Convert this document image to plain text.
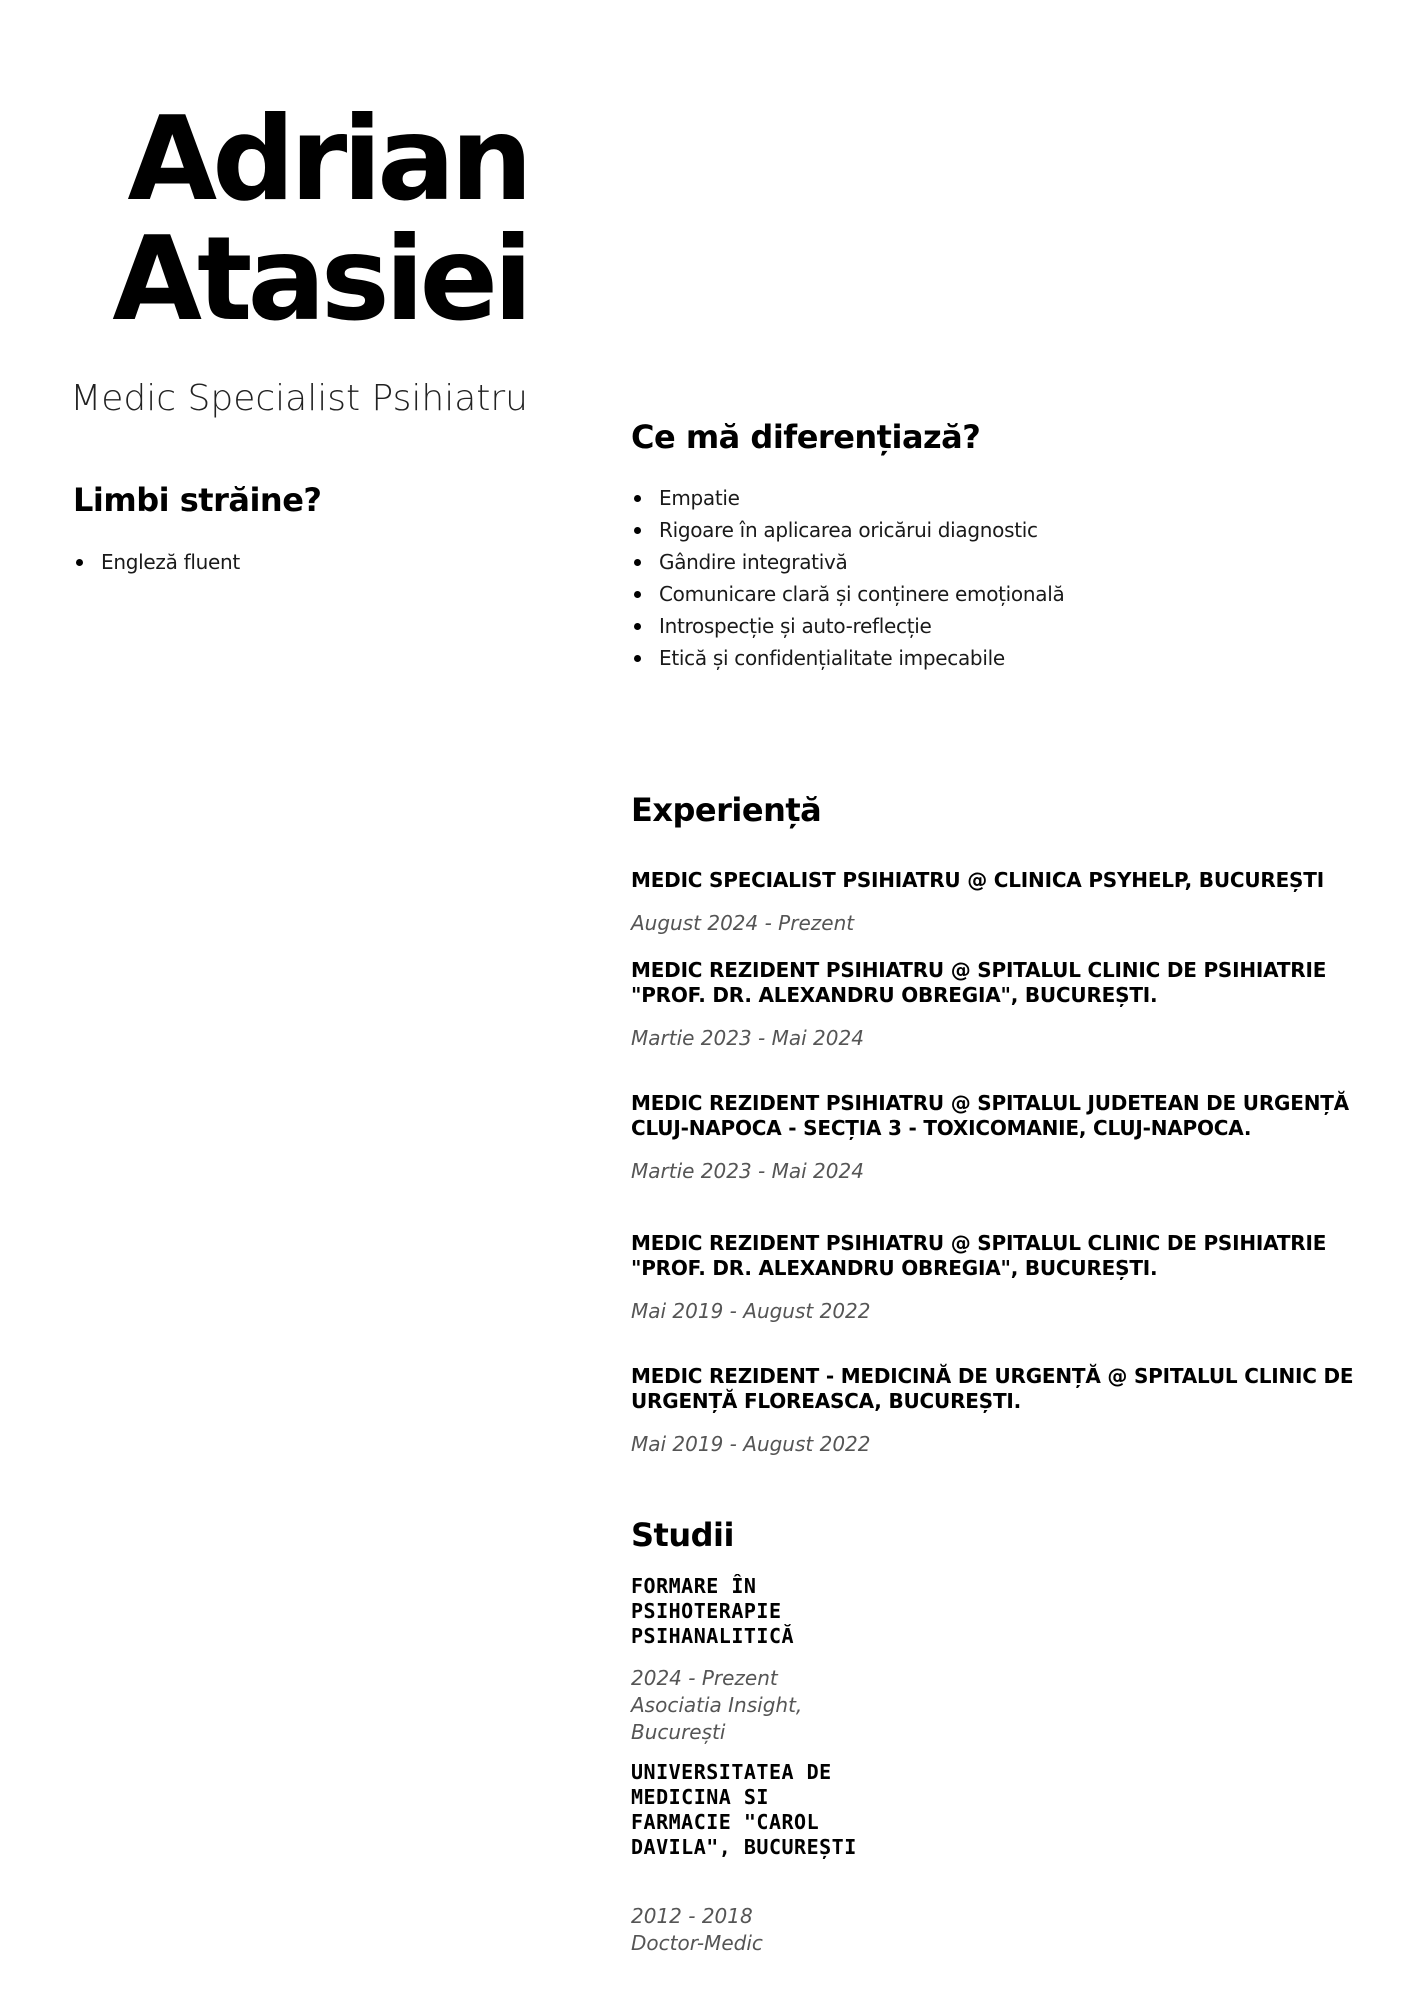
Adrian
Atasiei
Medic Specialist Psihiatru
Limbi străine?
Engleză fluent
Ce mă diferențiază?
Empatie
Rigoare în aplicarea oricărui diagnostic
Gândire integrativă
Comunicare clară și conținere emoțională
Introspecție și auto-reflecție
Etică și confidențialitate impecabile
Experiență
MEDIC SPECIALIST PSIHIATRU @ CLINICA PSYHELP, BUCUREȘTI
August 2024 - Prezent
MEDIC REZIDENT PSIHIATRU @ SPITALUL CLINIC DE PSIHIATRIE "PROF. DR. ALEXANDRU OBREGIA", BUCUREȘTI.
Martie 2023 - Mai 2024
MEDIC REZIDENT PSIHIATRU @ SPITALUL JUDETEAN DE URGENȚĂ CLUJ-NAPOCA - SECȚIA 3 - TOXICOMANIE, CLUJ-NAPOCA.
Martie 2023 - Mai 2024
MEDIC REZIDENT PSIHIATRU @ SPITALUL CLINIC DE PSIHIATRIE "PROF. DR. ALEXANDRU OBREGIA", BUCUREȘTI.
Mai 2019 - August 2022
MEDIC REZIDENT - MEDICINĂ DE URGENȚĂ @ SPITALUL CLINIC DE URGENȚĂ FLOREASCA, BUCUREȘTI.
Mai 2019 - August 2022
Studii
FORMARE ÎN PSIHOTERAPIE PSIHANALITICĂ
2024 - Prezent
Asociatia Insight, București
UNIVERSITATEA DE MEDICINA SI FARMACIE "CAROL DAVILA", BUCUREȘTI
2012 - 2018
Doctor-Medic
